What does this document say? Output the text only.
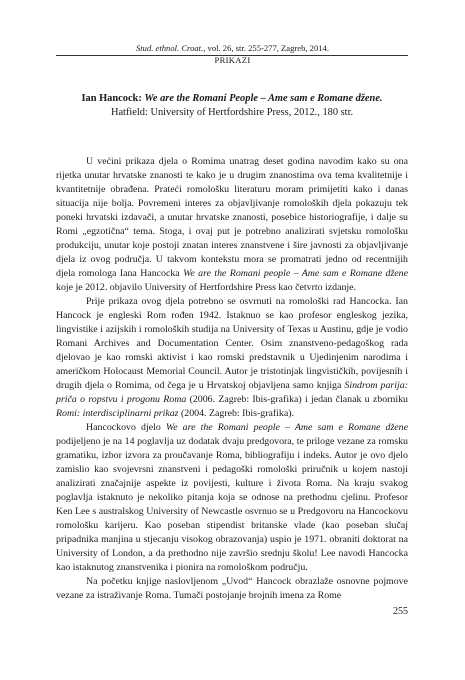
Stud. ethnol. Croat., vol. 26, str. 255-277, Zagreb, 2014.
PRIKAZI
Ian Hancock: We are the Romani People – Ame sam e Romane džene.
Hatfield: University of Hertfordshire Press, 2012., 180 str.

U većini prikaza djela o Romima unatrag deset godina navodim kako su ona rijetka unutar hrvatske znanosti te kako je u drugim znanostima ova tema kvalitetnije i kvantitetnije obrađena. Prateći romološku literaturu moram primijetiti kako i danas situacija nije bolja. Povremeni interes za objavljivanje romoloških djela pokazuju tek poneki hrvatski izdavači, a unutar hrvatske znanosti, posebice historiografije, i dalje su Romi „egzotična“ tema. Stoga, i ovaj put je potrebno analizirati svjetsku romološku produkciju, unutar koje postoji znatan interes znanstvene i šire javnosti za objavljivanje djela iz ovog područja. U takvom kontekstu mora se promatrati jedno od recentnijih djela romologa Iana Hancocka We are the Romani people – Ame sam e Romane džene koje je 2012. objavilo University of Hertfordshire Press kao četvrto izdanje.

Prije prikaza ovog djela potrebno se osvrnuti na romološki rad Hancocka. Ian Hancock je engleski Rom rođen 1942. Istaknuo se kao profesor engleskog jezika, lingvistike i azijskih i romoloških studija na University of Texas u Austinu, gdje je vodio Romani Archives and Documentation Center. Osim znanstveno-pedagoškog rada djelovao je kao romski aktivist i kao romski predstavnik u Ujedinjenim narodima i američkom Holocaust Memorial Council. Autor je tristotinjak lingvističkih, povijesnih i drugih djela o Romima, od čega je u Hrvatskoj objavljena samo knjiga Sindrom parija: priča o ropstvu i progonu Roma (2006. Zagreb: Ibis-grafika) i jedan članak u zborniku Romi: interdisciplinarni prikaz (2004. Zagreb: Ibis-grafika).

Hancockovo djelo We are the Romani people – Ame sam e Romane džene podijeljeno je na 14 poglavlja uz dodatak dvaju predgovora, te priloge vezane za romsku gramatiku, izbor izvora za proučavanje Roma, bibliografiju i indeks. Autor je ovo djelo zamislio kao svojevrsni znanstveni i pedagoški romološki priručnik u kojem nastoji analizirati značajnije aspekte iz povijesti, kulture i života Roma. Na kraju svakog poglavlja istaknuto je nekoliko pitanja koja se odnose na prethodnu cjelinu. Profesor Ken Lee s australskog University of Newcastle osvrnuo se u Predgovoru na Hancockovu romološku karijeru. Kao poseban stipendist britanske vlade (kao poseban slučaj pripadnika manjina u stjecanju visokog obrazovanja) uspio je 1971. obraniti doktorat na University of London, a da prethodno nije završio srednju školu! Lee navodi Hancocka kao istaknutog znanstvenika i pionira na romološkom području.

Na početku knjige naslovljenom „Uvod“ Hancock obrazlaže osnovne pojmove vezane za istraživanje Roma. Tumači postojanje brojnih imena za Rome

255
